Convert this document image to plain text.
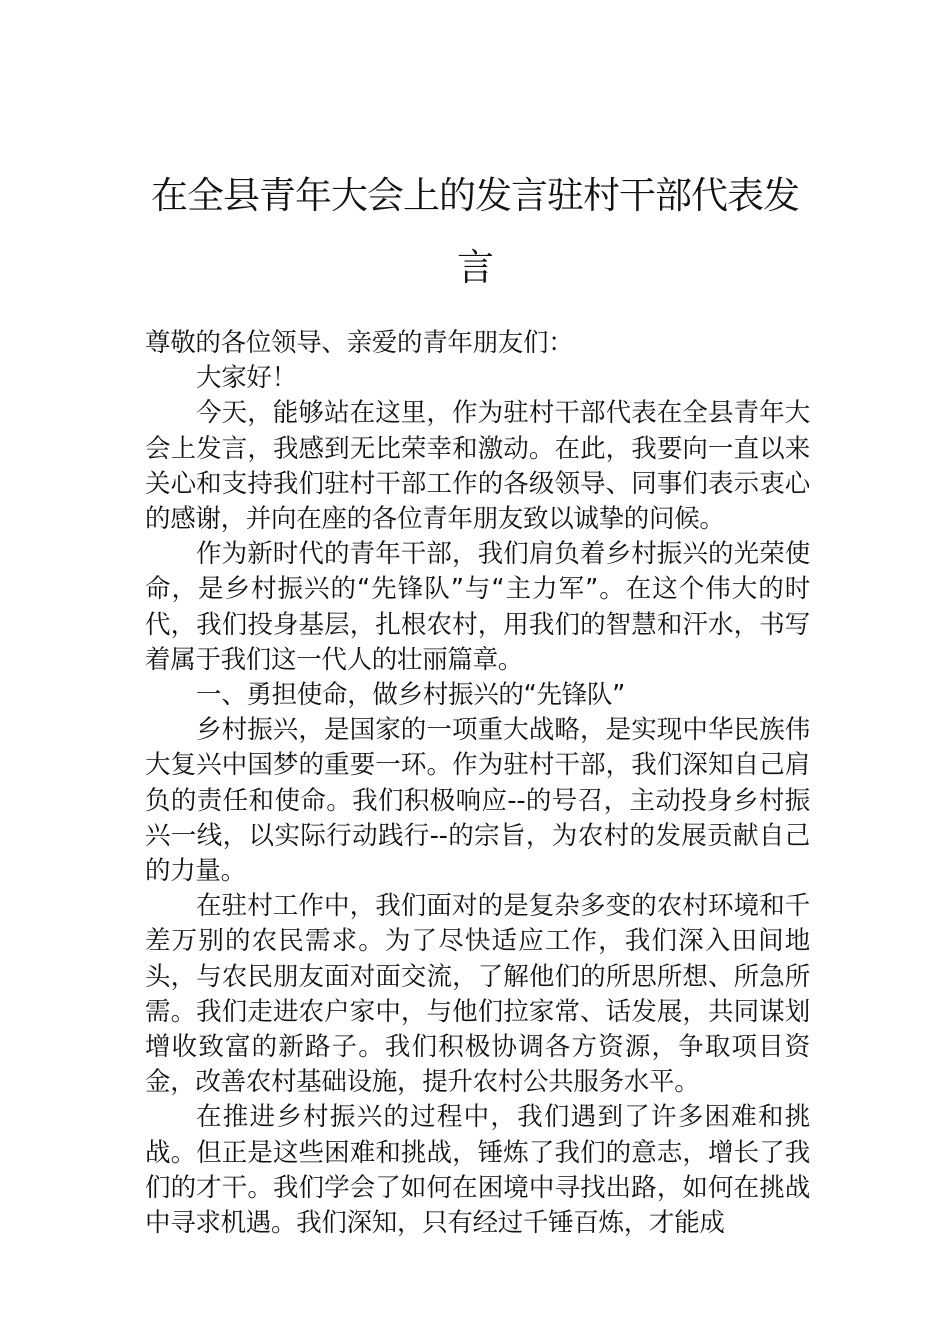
在全县青年大会上的发言驻村干部代表发言

尊敬的各位领导、亲爱的青年朋友们：

大家好！

今天，能够站在这里，作为驻村干部代表在全县青年大会上发言，我感到无比荣幸和激动。在此，我要向一直以来关心和支持我们驻村干部工作的各级领导、同事们表示衷心的感谢，并向在座的各位青年朋友致以诚挚的问候。

作为新时代的青年干部，我们肩负着乡村振兴的光荣使命，是乡村振兴的“先锋队”与“主力军”。在这个伟大的时代，我们投身基层，扎根农村，用我们的智慧和汗水，书写着属于我们这一代人的壮丽篇章。

一、勇担使命，做乡村振兴的“先锋队”

乡村振兴，是国家的一项重大战略，是实现中华民族伟大复兴中国梦的重要一环。作为驻村干部，我们深知自己肩负的责任和使命。我们积极响应--的号召，主动投身乡村振兴一线，以实际行动践行--的宗旨，为农村的发展贡献自己的力量。

在驻村工作中，我们面对的是复杂多变的农村环境和千差万别的农民需求。为了尽快适应工作，我们深入田间地头，与农民朋友面对面交流，了解他们的所思所想、所急所需。我们走进农户家中，与他们拉家常、话发展，共同谋划增收致富的新路子。我们积极协调各方资源，争取项目资金，改善农村基础设施，提升农村公共服务水平。

在推进乡村振兴的过程中，我们遇到了许多困难和挑战。但正是这些困难和挑战，锤炼了我们的意志，增长了我们的才干。我们学会了如何在困境中寻找出路，如何在挑战中寻求机遇。我们深知，只有经过千锤百炼，才能成
